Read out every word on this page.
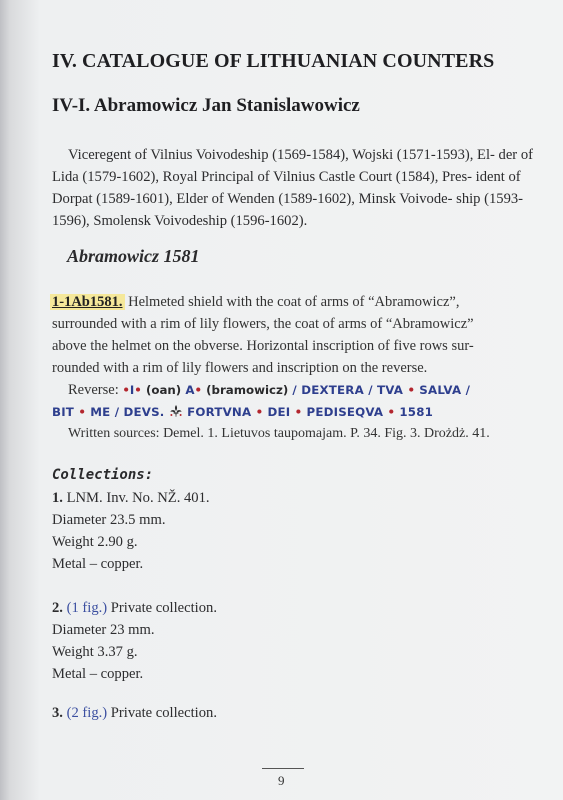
IV. CATALOGUE OF LITHUANIAN COUNTERS
IV-I. Abramowicz Jan Stanislawowicz
Viceregent of Vilnius Voivodeship (1569-1584), Wojski (1571-1593), El- der of Lida (1579-1602), Royal Principal of Vilnius Castle Court (1584), Pres- ident of Dorpat (1589-1601), Elder of Wenden (1589-1602), Minsk Voivode- ship (1593-1596), Smolensk Voivodeship (1596-1602).
Abramowicz 1581
1-1Ab1581. Helmeted shield with the coat of arms of “Abramowicz”,
surrounded with a rim of lily flowers, the coat of arms of “Abramowicz”
above the helmet on the obverse. Horizontal inscription of five rows sur-
rounded with a rim of lily flowers and inscription on the reverse.
Reverse: •I• (oan) A• (bramowicz) / DEXTERA / TVA • SALVA /
BIT • ME / DEVS.  FORTVNA • DEI • PEDISEQVA • 1581
Written sources: Demel. 1. Lietuvos taupomajam. P. 34. Fig. 3. Drożdż. 41.
Collections:
1. LNM. Inv. No. NŽ. 401.
Diameter 23.5 mm.
Weight 2.90 g.
Metal – copper.
2. (1 fig.) Private collection.
Diameter 23 mm.
Weight 3.37 g.
Metal – copper.
3. (2 fig.) Private collection.
9
